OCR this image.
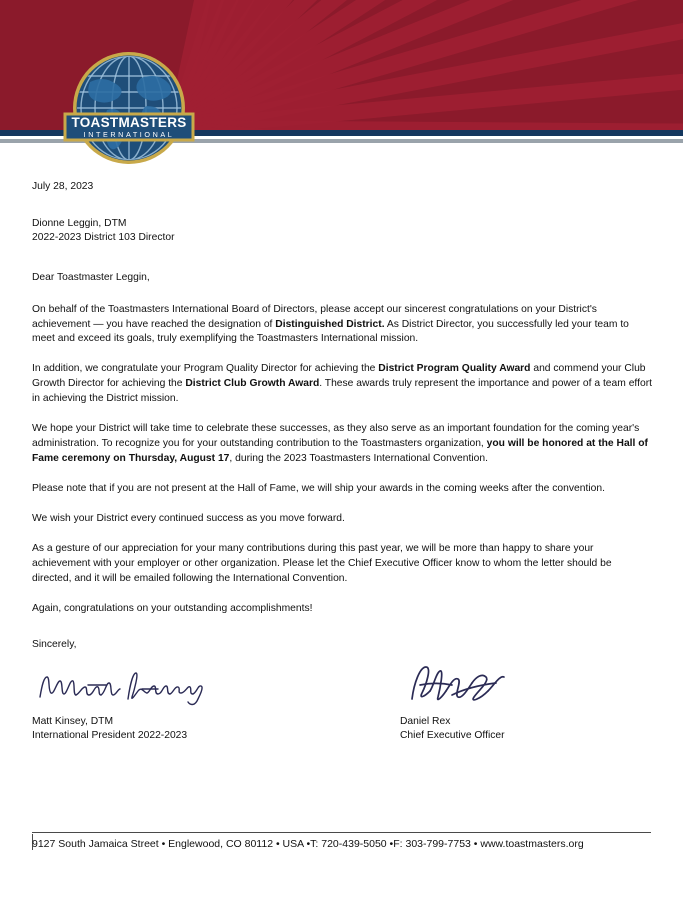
TOASTMASTERS
INTERNATIONAL
July 28, 2023
Dionne Leggin, DTM
2022-2023 District 103 Director
Dear Toastmaster Leggin,
On behalf of the Toastmasters International Board of Directors, please accept our sincerest congratulations on your District's achievement — you have reached the designation of Distinguished District. As District Director, you successfully led your team to meet and exceed its goals, truly exemplifying the Toastmasters International mission.
In addition, we congratulate your Program Quality Director for achieving the District Program Quality Award and commend your Club Growth Director for achieving the District Club Growth Award. These awards truly represent the importance and power of a team effort in achieving the District mission.
We hope your District will take time to celebrate these successes, as they also serve as an important foundation for the coming year's administration. To recognize you for your outstanding contribution to the Toastmasters organization, you will be honored at the Hall of Fame ceremony on Thursday, August 17, during the 2023 Toastmasters International Convention.
Please note that if you are not present at the Hall of Fame, we will ship your awards in the coming weeks after the convention.
We wish your District every continued success as you move forward.
As a gesture of our appreciation for your many contributions during this past year, we will be more than happy to share your achievement with your employer or other organization. Please let the Chief Executive Officer know to whom the letter should be directed, and it will be emailed following the International Convention.
Again, congratulations on your outstanding accomplishments!
Sincerely,
Matt Kinsey, DTM
International President 2022-2023
Daniel Rex
Chief Executive Officer
9127 South Jamaica Street • Englewood, CO 80112 • USA •T: 720-439-5050 •F: 303-799-7753 • www.toastmasters.org
